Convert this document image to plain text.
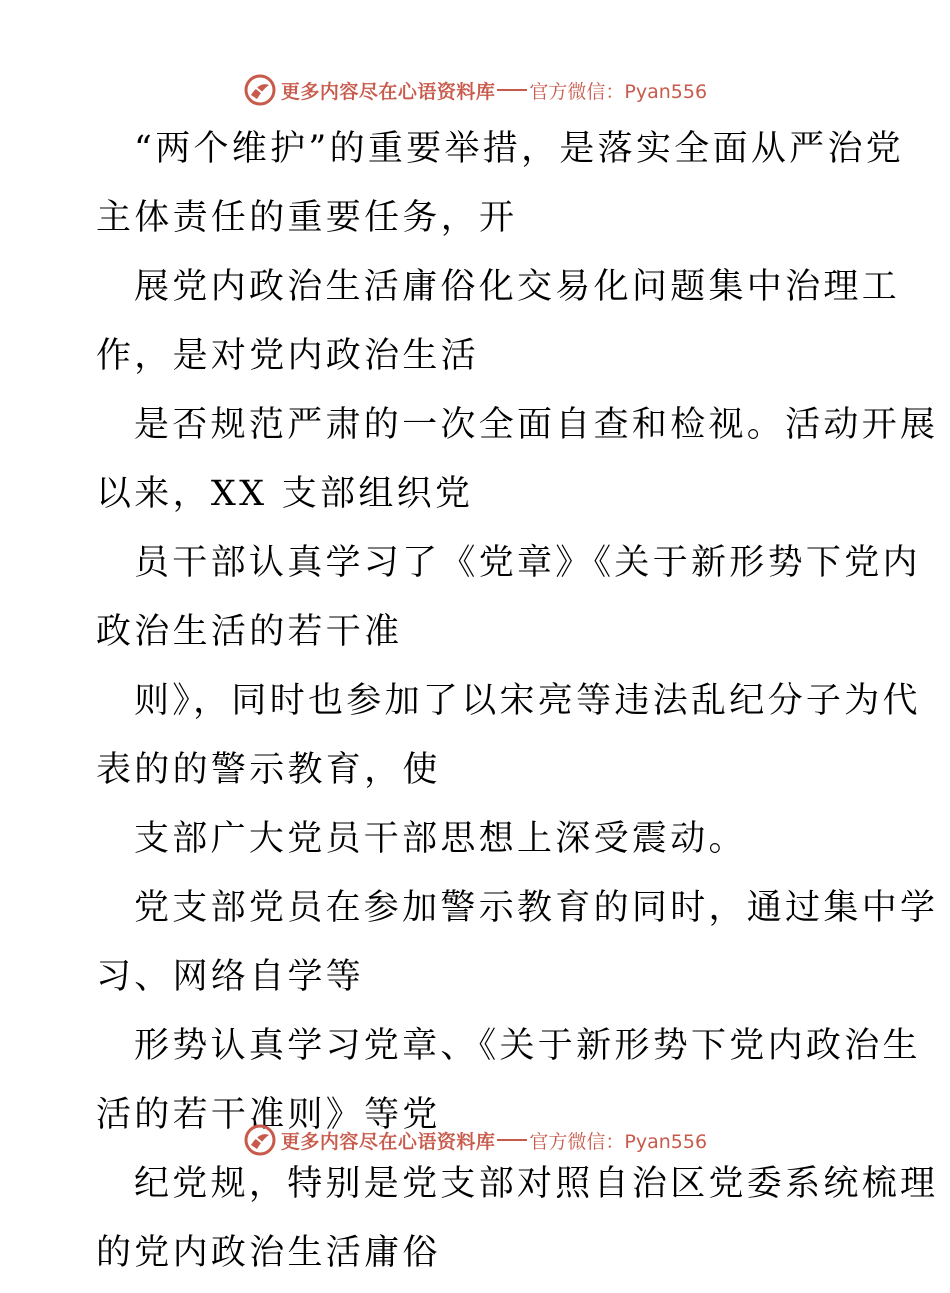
更多内容尽在心语资料库 官方微信：Pyan556
“两个维护”的重要举措，是落实全面从严治党
主体责任的重要任务，开
展党内政治生活庸俗化交易化问题集中治理工
作，是对党内政治生活
是否规范严肃的一次全面自查和检视。活动开展
以来，XX 支部组织党
员干部认真学习了《党章》《关于新形势下党内
政治生活的若干准
则》，同时也参加了以宋亮等违法乱纪分子为代
表的的警示教育，使
支部广大党员干部思想上深受震动。
党支部党员在参加警示教育的同时，通过集中学
习、网络自学等
形势认真学习党章、《关于新形势下党内政治生
活的若干准则》等党
纪党规，特别是党支部对照自治区党委系统梳理
的党内政治生活庸俗
更多内容尽在心语资料库 官方微信：Pyan556
